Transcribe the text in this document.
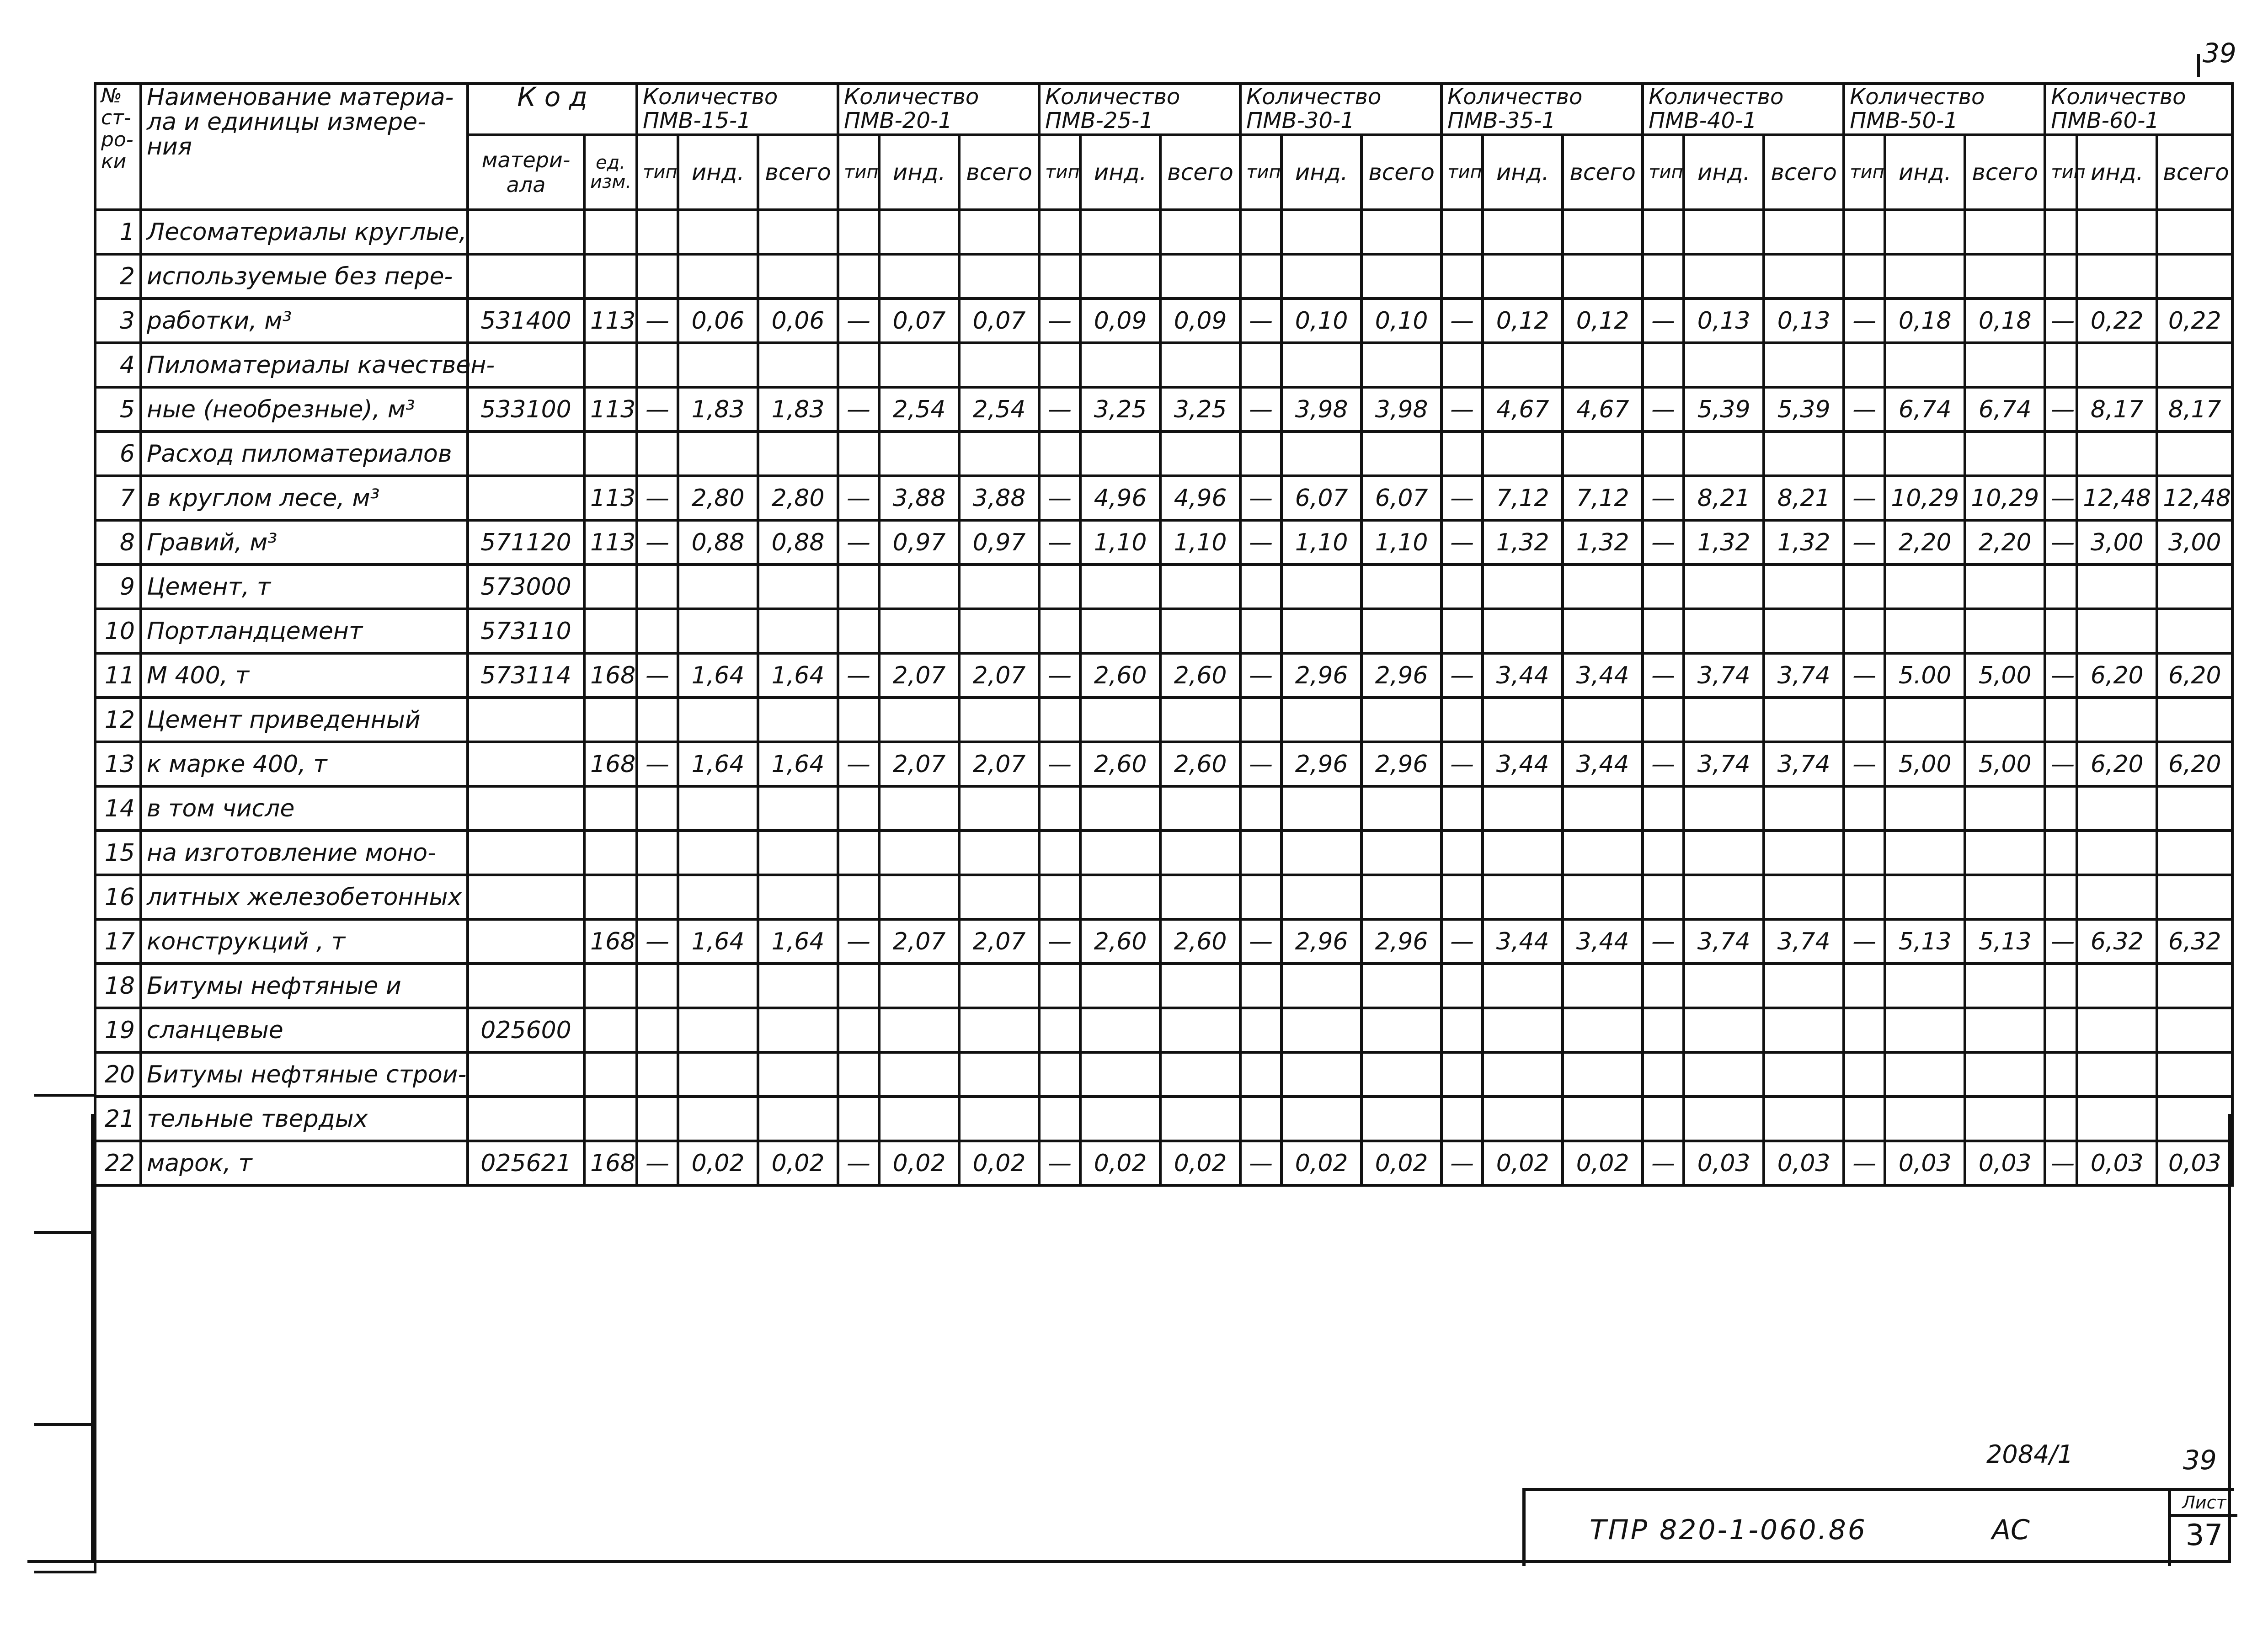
39
№ ст-ро-ки	Наименование материала и единицы измерения	К о д		Количество ПМВ-15-1			Количество ПМВ-20-1			Количество ПМВ-25-1			Количество ПМВ-30-1			Количество ПМВ-35-1			Количество ПМВ-40-1			Количество ПМВ-50-1			Количество ПМВ-60-1		
		матери-ала	ед. изм.	тип	инд.	всего	тип	инд.	всего	тип	инд.	всего	тип	инд.	всего	тип	инд.	всего	тип	инд.	всего	тип	инд.	всего	тип	инд.	всего
1	Лесоматериалы круглые,																										
2	используемые без пере-																										
3	работки, м³	531400	113	—	0,06	0,06	—	0,07	0,07	—	0,09	0,09	—	0,10	0,10	—	0,12	0,12	—	0,13	0,13	—	0,18	0,18	—	0,22	0,22
4	Пиломатериалы качествен-																										
5	ные (необрезные), м³	533100	113	—	1,83	1,83	—	2,54	2,54	—	3,25	3,25	—	3,98	3,98	—	4,67	4,67	—	5,39	5,39	—	6,74	6,74	—	8,17	8,17
6	Расход пиломатериалов																										
7	в круглом лесе, м³		113	—	2,80	2,80	—	3,88	3,88	—	4,96	4,96	—	6,07	6,07	—	7,12	7,12	—	8,21	8,21	—	10,29	10,29	—	12,48	12,48
8	Гравий, м³	571120	113	—	0,88	0,88	—	0,97	0,97	—	1,10	1,10	—	1,10	1,10	—	1,32	1,32	—	1,32	1,32	—	2,20	2,20	—	3,00	3,00
9	Цемент, т	573000																									
10	Портландцемент	573110																									
11	М 400, т	573114	168	—	1,64	1,64	—	2,07	2,07	—	2,60	2,60	—	2,96	2,96	—	3,44	3,44	—	3,74	3,74	—	5.00	5,00	—	6,20	6,20
12	Цемент приведенный																										
13	к марке 400, т		168	—	1,64	1,64	—	2,07	2,07	—	2,60	2,60	—	2,96	2,96	—	3,44	3,44	—	3,74	3,74	—	5,00	5,00	—	6,20	6,20
14	в том числе																										
15	на изготовление моно-																										
16	литных железобетонных																										
17	конструкций , т		168	—	1,64	1,64	—	2,07	2,07	—	2,60	2,60	—	2,96	2,96	—	3,44	3,44	—	3,74	3,74	—	5,13	5,13	—	6,32	6,32
18	Битумы нефтяные и																										
19	сланцевые	025600																									
20	Битумы нефтяные строи-																										
21	тельные твердых																										
22	марок, т	025621	168	—	0,02	0,02	—	0,02	0,02	—	0,02	0,02	—	0,02	0,02	—	0,02	0,02	—	0,03	0,03	—	0,03	0,03	—	0,03	0,03
2084/1	39
ТПР 820-1-060.86	АС
Лист
37
